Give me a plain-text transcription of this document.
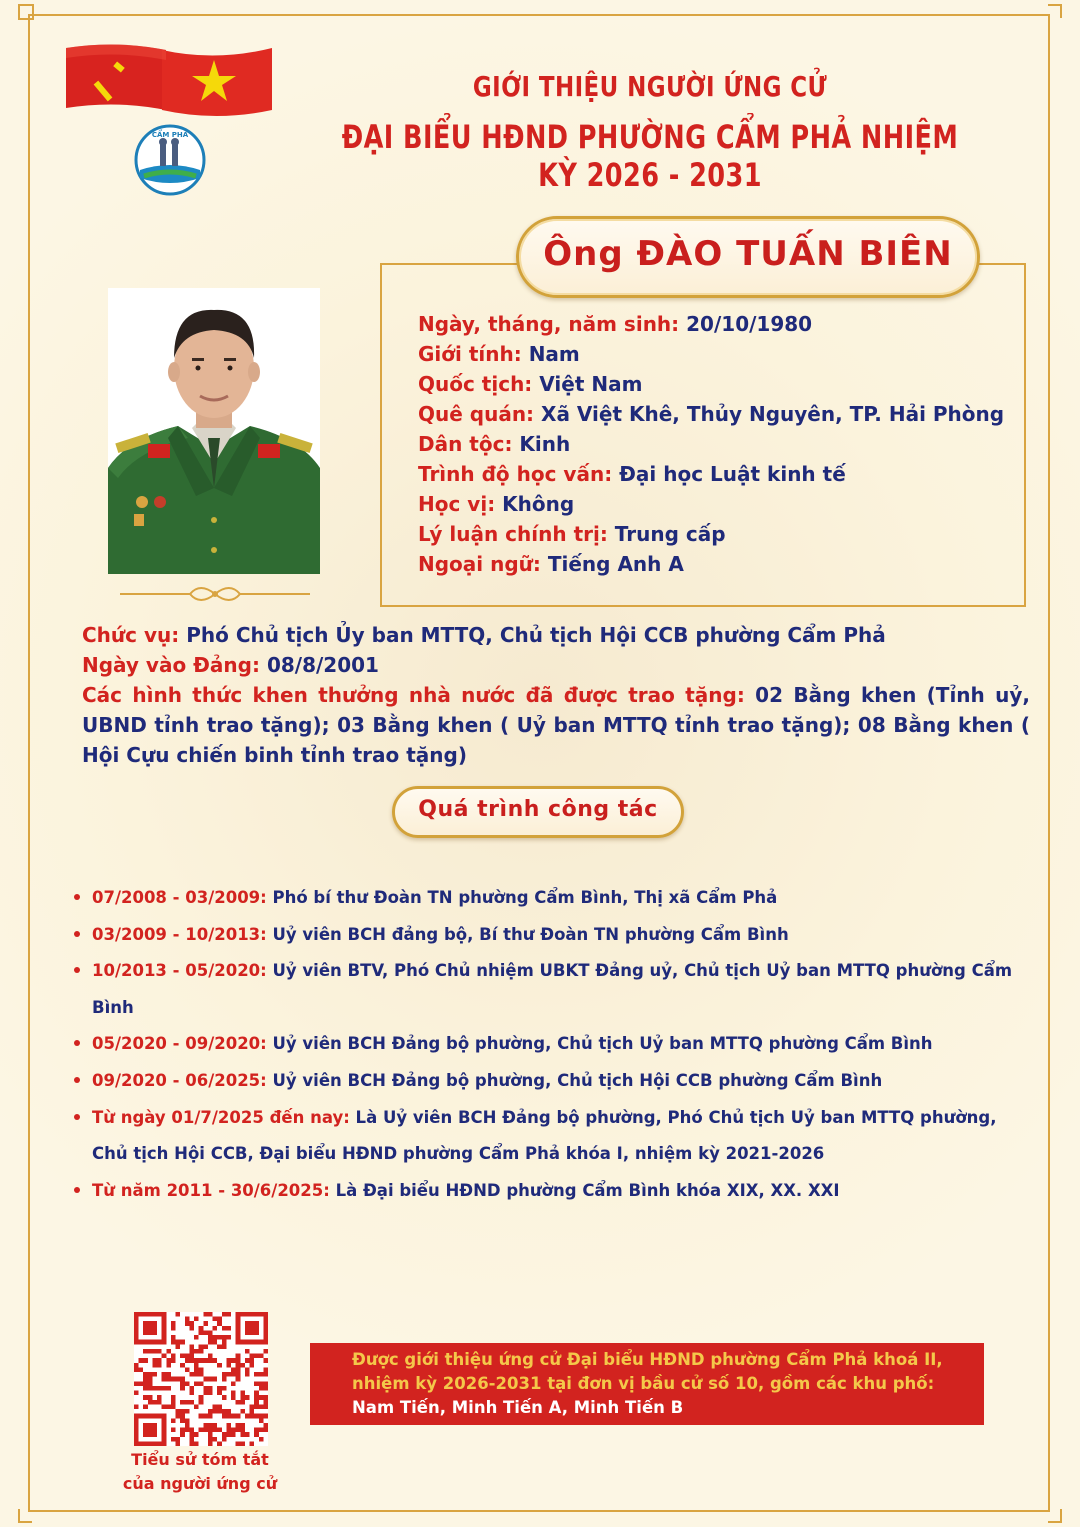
CẨM PHẢ
GIỚI THIỆU NGƯỜI ỨNG CỬ
ĐẠI BIỂU HĐND PHƯỜNG CẨM PHẢ NHIỆM KỲ 2026 - 2031
Ông ĐÀO TUẤN BIÊN
Ngày, tháng, năm sinh: 20/10/1980
Giới tính: Nam
Quốc tịch: Việt Nam
Quê quán: Xã Việt Khê, Thủy Nguyên, TP. Hải Phòng
Dân tộc: Kinh
Trình độ học vấn: Đại học Luật kinh tế
Học vị: Không
Lý luận chính trị: Trung cấp
Ngoại ngữ: Tiếng Anh A

Chức vụ: Phó Chủ tịch Ủy ban MTTQ, Chủ tịch Hội CCB phường Cẩm Phả

Ngày vào Đảng: 08/8/2001

Các hình thức khen thưởng nhà nước đã được trao tặng: 02 Bằng khen (Tỉnh uỷ, UBND tỉnh trao tặng); 03 Bằng khen ( Uỷ ban MTTQ tỉnh trao tặng); 08 Bằng khen ( Hội Cựu chiến binh tỉnh trao tặng)

Quá trình công tác
07/2008 - 03/2009: Phó bí thư Đoàn TN phường Cẩm Bình, Thị xã Cẩm Phả
03/2009 - 10/2013: Uỷ viên BCH đảng bộ, Bí thư Đoàn TN phường Cẩm Bình
10/2013 - 05/2020: Uỷ viên BTV, Phó Chủ nhiệm UBKT Đảng uỷ, Chủ tịch Uỷ ban MTTQ phường Cẩm Bình
05/2020 - 09/2020: Uỷ viên BCH Đảng bộ phường, Chủ tịch Uỷ ban MTTQ phường Cẩm Bình
09/2020 - 06/2025: Uỷ viên BCH Đảng bộ phường, Chủ tịch Hội CCB phường Cẩm Bình
Từ ngày 01/7/2025 đến nay: Là Uỷ viên BCH Đảng bộ phường, Phó Chủ tịch Uỷ ban MTTQ phường, Chủ tịch Hội CCB, Đại biểu HĐND phường Cẩm Phả khóa I, nhiệm kỳ 2021-2026
Từ năm 2011 - 30/6/2025: Là Đại biểu HĐND phường Cẩm Bình khóa XIX, XX. XXI
Tiểu sử tóm tắt
của người ứng cử

Được giới thiệu ứng cử Đại biểu HĐND phường Cẩm Phả khoá II,

nhiệm kỳ 2026-2031 tại đơn vị bầu cử số 10, gồm các khu phố:

Nam Tiến, Minh Tiến A, Minh Tiến B
